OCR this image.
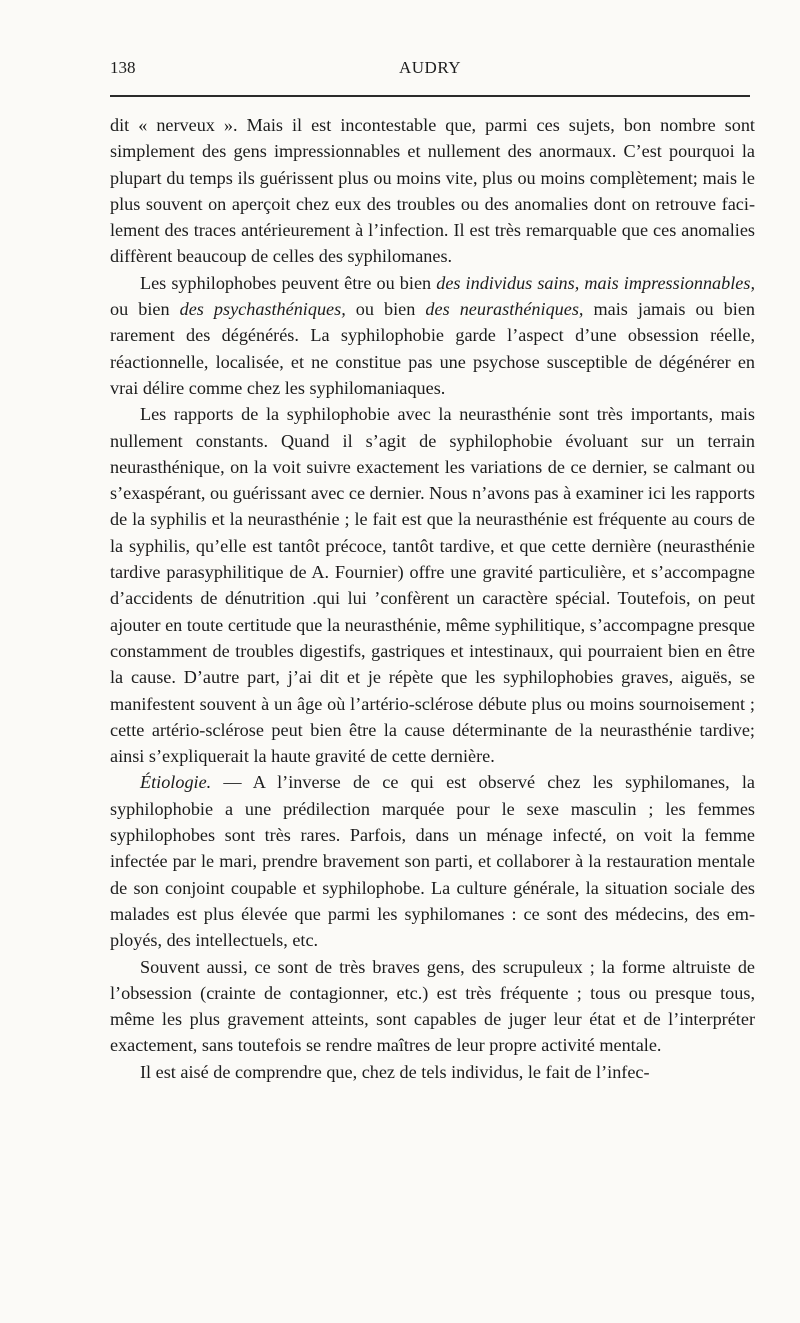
138	AUDRY

dit « nerveux ». Mais il est incontestable que, parmi ces sujets, bon nombre sont simplement des gens impressionnables et nullement des anormaux. C’est pourquoi la plupart du temps ils guérissent plus ou moins vite, plus ou moins complètement; mais le plus souvent on aperçoit chez eux des troubles ou des anomalies dont on retrouve facilement des traces antérieurement à l’infection. Il est très remarquable que ces anomalies diffèrent beaucoup de celles des syphilomanes.

Les syphilophobes peuvent être ou bien des individus sains, mais impressionnables, ou bien des psychasthéniques, ou bien des neurasthéniques, mais jamais ou bien rarement des dégénérés. La syphilophobie garde l’aspect d’une obsession réelle, réactionnelle, localisée, et ne constitue pas une psychose susceptible de dégénérer en vrai délire comme chez les syphilomaniaques.

Les rapports de la syphilophobie avec la neurasthénie sont très importants, mais nullement constants. Quand il s’agit de syphilophobie évoluant sur un terrain neurasthénique, on la voit suivre exactement les variations de ce dernier, se calmant ou s’exaspérant, ou guérissant avec ce dernier. Nous n’avons pas à examiner ici les rapports de la syphilis et la neurasthénie ; le fait est que la neurasthénie est fréquente au cours de la syphilis, qu’elle est tantôt précoce, tantôt tardive, et que cette dernière (neurasthénie tardive parasyphilitique de A. Fournier) offre une gravité particulière, et s’accompagne d’accidents de dénutrition .qui lui ’confèrent un caractère spécial. Toutefois, on peut ajouter en toute certitude que la neurasthénie, même syphilitique, s’accompagne presque constamment de troubles digestifs, gastriques et intestinaux, qui pourraient bien en être la cause. D’autre part, j’ai dit et je répète que les syphilophobies graves, aiguës, se manifestent souvent à un âge où l’artério-sclérose débute plus ou moins sournoisement ; cette artério-sclérose peut bien être la cause déterminante de la neurasthénie tardive; ainsi s’expliquerait la haute gravité de cette dernière.

Étiologie. — A l’inverse de ce qui est observé chez les syphilomanes, la syphilophobie a une prédilection marquée pour le sexe masculin ; les femmes syphilophobes sont très rares. Parfois, dans un ménage infecté, on voit la femme infectée par le mari, prendre bravement son parti, et collaborer à la restauration mentale de son conjoint coupable et syphilophobe. La culture générale, la situation sociale des malades est plus élevée que parmi les syphilomanes : ce sont des médecins, des employés, des intellectuels, etc.

Souvent aussi, ce sont de très braves gens, des scrupuleux ; la forme altruiste de l’obsession (crainte de contagionner, etc.) est très fréquente ; tous ou presque tous, même les plus gravement atteints, sont capables de juger leur état et de l’interpréter exactement, sans toutefois se rendre maîtres de leur propre activité mentale.

Il est aisé de comprendre que, chez de tels individus, le fait de l’infec-
